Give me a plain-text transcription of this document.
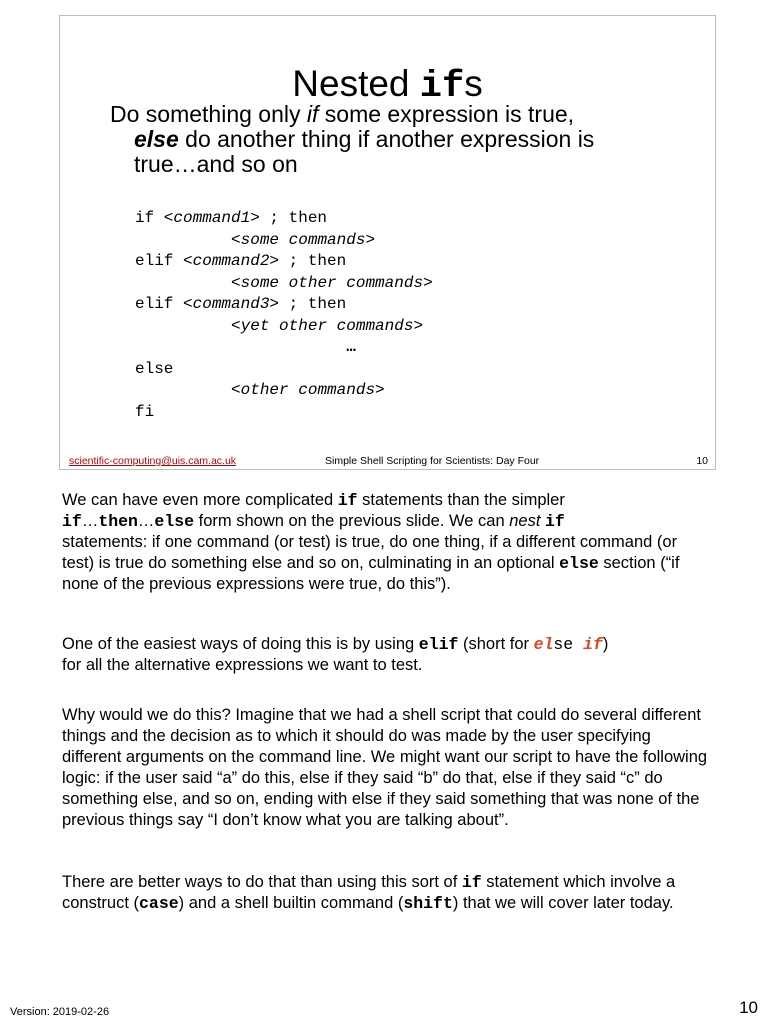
Nested ifs
Do something only if some expression is true,
else do another thing if another expression is
true…and so on
if <command1> ; then
<some commands>
elif <command2> ; then
<some other commands>
elif <command3> ; then
<yet other commands>
…
else
<other commands>
fi
scientific-computing@uis.cam.ac.uk	Simple Shell Scripting for Scientists: Day Four	10
We can have even more complicated if statements than the simpler
if…then…else form shown on the previous slide. We can nest if
statements: if one command (or test) is true, do one thing, if a different command (or test) is true do something else and so on, culminating in an optional else section (“if none of the previous expressions were true, do this”).
One of the easiest ways of doing this is by using elif (short for else if)
for all the alternative expressions we want to test.
Why would we do this? Imagine that we had a shell script that could do several different things and the decision as to which it should do was made by the user specifying different arguments on the command line. We might want our script to have the following logic: if the user said “a” do this, else if they said “b” do that, else if they said “c” do something else, and so on, ending with else if they said something that was none of the previous things say “I don’t know what you are talking about”.
There are better ways to do that than using this sort of if statement which involve a construct (case) and a shell builtin command (shift) that we will cover later today.
Version: 2019-02-26	10
